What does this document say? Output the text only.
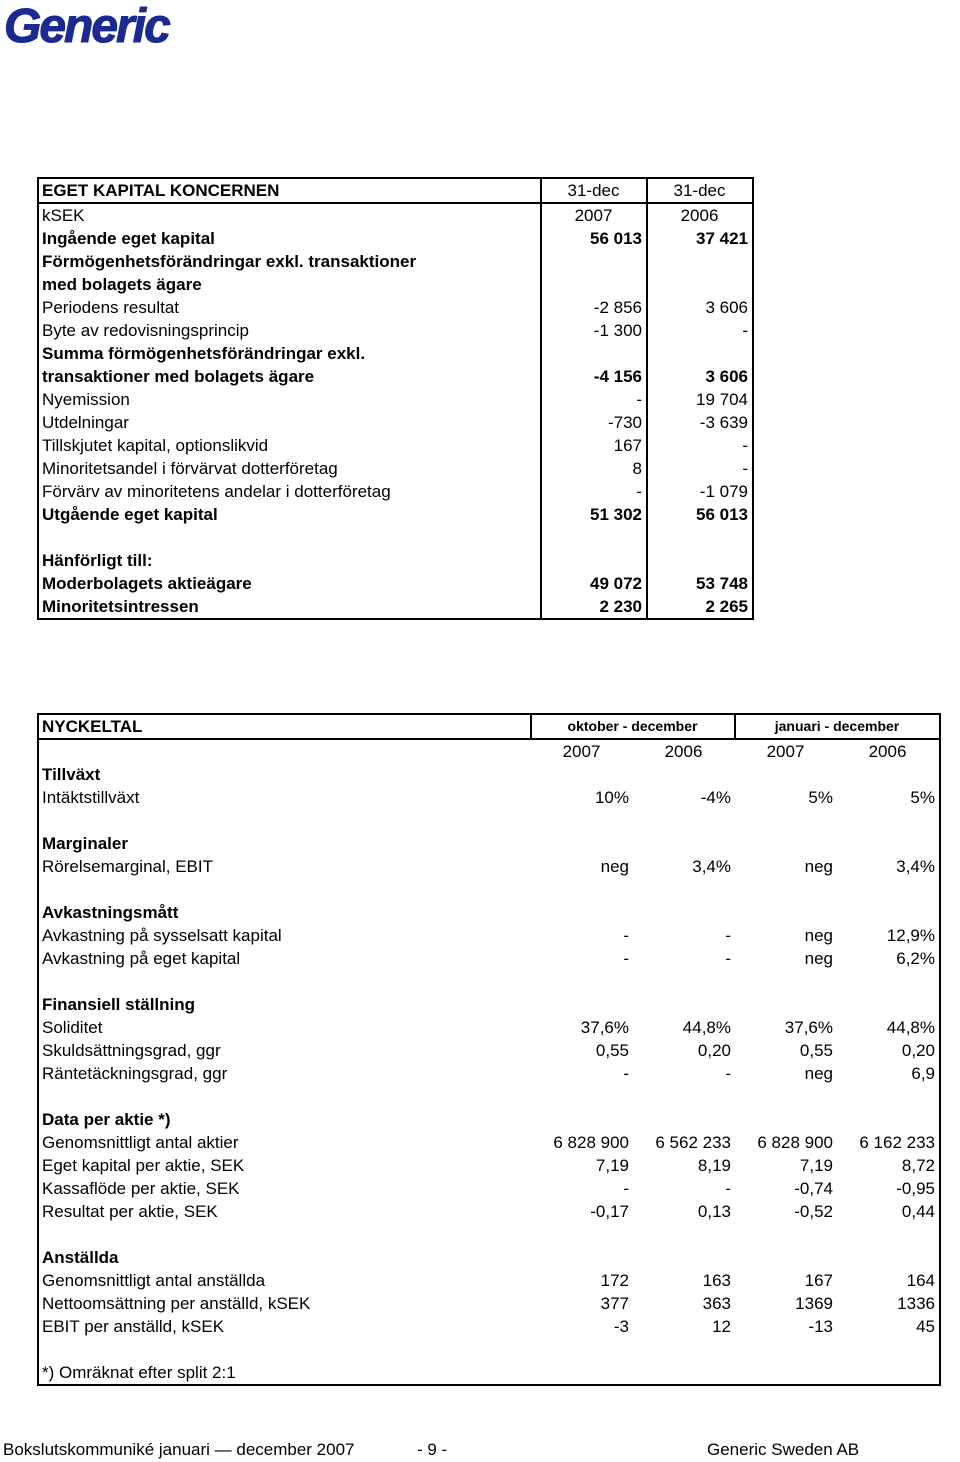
Generic
EGET KAPITAL KONCERNEN	31-dec	31-dec
kSEK	2007	2006
Ingående eget kapital	56 013	37 421
Förmögenhetsförändringar exkl. transaktioner		
med bolagets ägare		
Periodens resultat	-2 856	3 606
Byte av redovisningsprincip	-1 300	-
Summa förmögenhetsförändringar exkl.		
transaktioner med bolagets ägare	-4 156	3 606
Nyemission	-	19 704
Utdelningar	-730	-3 639
Tillskjutet kapital, optionslikvid	167	-
Minoritetsandel i förvärvat dotterföretag	8	-
Förvärv av minoritetens andelar i dotterföretag	-	-1 079
Utgående eget kapital	51 302	56 013

Hänförligt till:		
Moderbolagets aktieägare	49 072	53 748
Minoritetsintressen	2 230	2 265
NYCKELTAL	oktober - december		januari - december	
	2007	2006	2007	2006
Tillväxt				
Intäktstillväxt	10%	-4%	5%	5%

Marginaler				
Rörelsemarginal, EBIT	neg	3,4%	neg	3,4%

Avkastningsmått				
Avkastning på sysselsatt kapital	-	-	neg	12,9%
Avkastning på eget kapital	-	-	neg	6,2%

Finansiell ställning				
Soliditet	37,6%	44,8%	37,6%	44,8%
Skuldsättningsgrad, ggr	0,55	0,20	0,55	0,20
Räntetäckningsgrad, ggr	-	-	neg	6,9

Data per aktie *)				
Genomsnittligt antal aktier	6 828 900	6 562 233	6 828 900	6 162 233
Eget kapital per aktie, SEK	7,19	8,19	7,19	8,72
Kassaflöde per aktie, SEK	-	-	-0,74	-0,95
Resultat per aktie, SEK	-0,17	0,13	-0,52	0,44

Anställda				
Genomsnittligt antal anställda	172	163	167	164
Nettoomsättning per anställd, kSEK	377	363	1369	1336
EBIT per anställd, kSEK	-3	12	-13	45

*) Omräknat efter split 2:1				
Bokslutskommuniké januari — december 2007	- 9 -	Generic Sweden AB
